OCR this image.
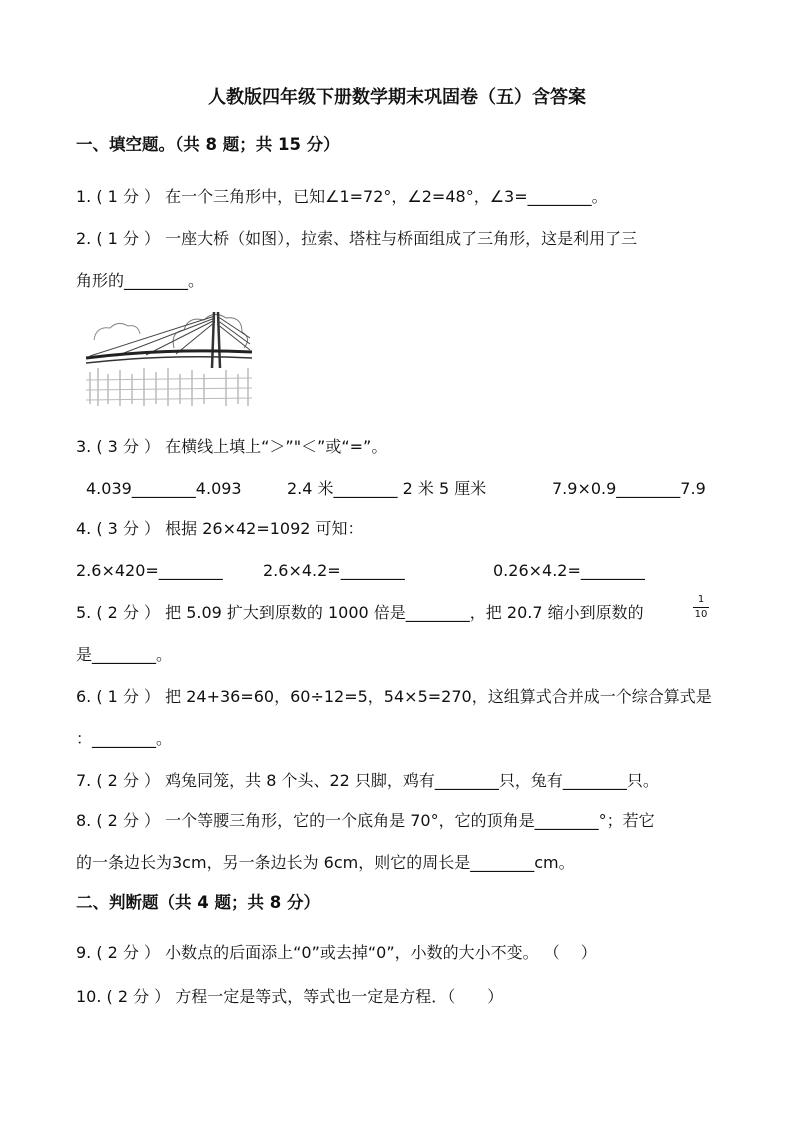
人教版四年级下册数学期末巩固卷（五）含答案
一、填空题。（共 8 题；共 15 分）
1. ( 1 分 ） 在一个三角形中，已知∠1=72°，∠2=48°，∠3=________。
2. ( 1 分 ） 一座大桥（如图），拉索、塔柱与桥面组成了三角形，这是利用了三
角形的________。
3. ( 3 分 ） 在横线上填上“＞”"＜”或“=”。
4.039________4.093	2.4 米________ 2 米 5 厘米	7.9×0.9________7.9
4. ( 3 分 ） 根据 26×42=1092 可知：
2.6×420=________	2.6×4.2=________	0.26×4.2=________
5. ( 2 分 ） 把 5.09 扩大到原数的 1000 倍是________，把 20.7 缩小到原数的
1
10
是________。
6. ( 1 分 ） 把 24+36=60，60÷12=5，54×5=270，这组算式合并成一个综合算式是
：________。
7. ( 2 分 ） 鸡兔同笼，共 8 个头、22 只脚，鸡有________只，兔有________只。
8. ( 2 分 ） 一个等腰三角形，它的一个底角是 70°，它的顶角是________°；若它
的一条边长为3cm，另一条边长为 6cm，则它的周长是________cm。
二、判断题（共 4 题；共 8 分）
9. ( 2 分 ） 小数点的后面添上“0”或去掉“0”，小数的大小不变。 （　 ）
10. ( 2 分 ） 方程一定是等式，等式也一定是方程．（　　）
